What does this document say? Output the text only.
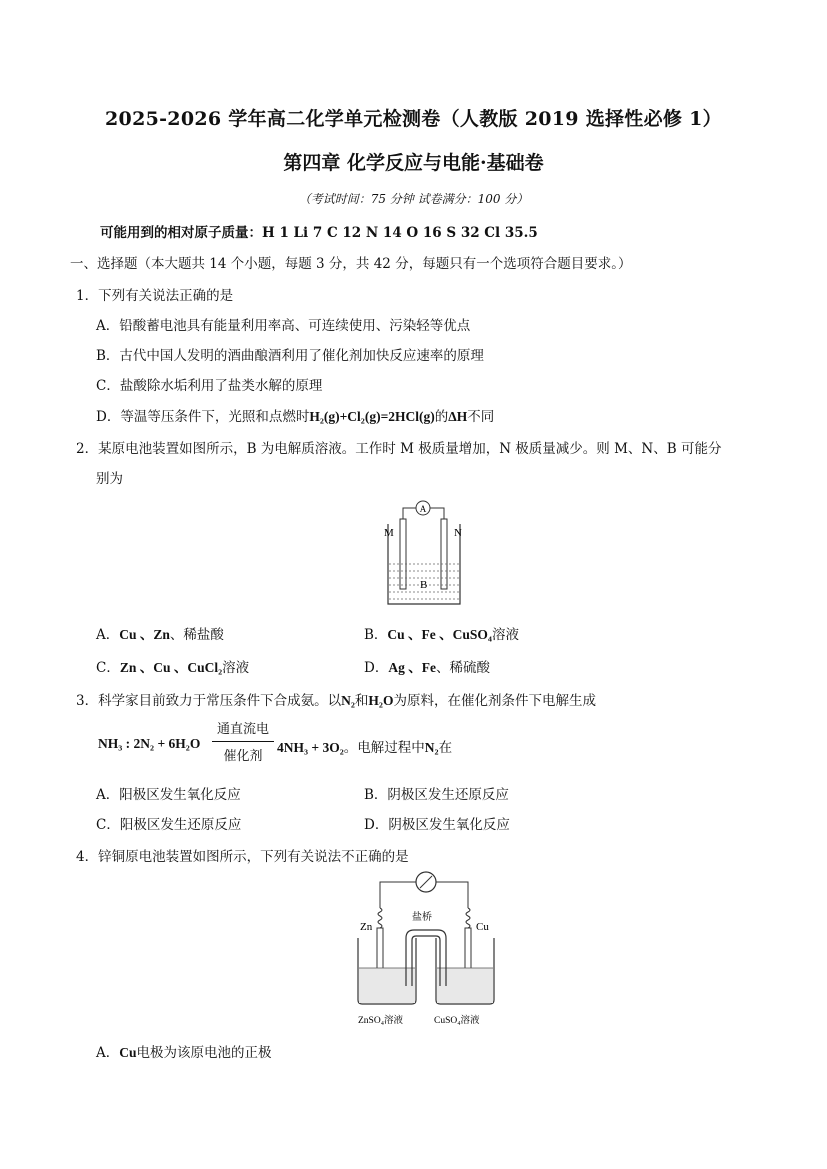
2025-2026 学年高二化学单元检测卷（人教版 2019 选择性必修 1）
第四章 化学反应与电能·基础卷
（考试时间：75 分钟 试卷满分：100 分）
可能用到的相对原子质量：H 1 Li 7 C 12 N 14 O 16 S 32 Cl 35.5
一、选择题（本大题共 14 个小题，每题 3 分，共 42 分，每题只有一个选项符合题目要求。）
1．下列有关说法正确的是
A．铅酸蓄电池具有能量利用率高、可连续使用、污染轻等优点
B．古代中国人发明的酒曲酿酒利用了催化剂加快反应速率的原理
C．盐酸除水垢利用了盐类水解的原理
D．等温等压条件下，光照和点燃时H₂(g)+Cl₂(g)=2HCl(g)的ΔH不同
2．某原电池装置如图所示，B 为电解质溶液。工作时 M 极质量增加，N 极质量减少。则 M、N、B 可能分
别为
A
M	N
B
A．Cu 、Zn、稀盐酸	B．Cu 、Fe 、CuSO₄溶液
C．Zn 、Cu 、CuCl₂溶液	D．Ag 、Fe、稀硫酸
3．科学家目前致力于常压条件下合成氨。以N₂和H₂O为原料，在催化剂条件下电解生成
NH₃ : 2N₂ + 6H₂O
通直流电
催化剂
4NH₃ + 3O₂。电解过程中N₂在
A．阳极区发生氧化反应	B．阴极区发生还原反应
C．阳极区发生还原反应	D．阴极区发生氧化反应
4．锌铜原电池装置如图所示，下列有关说法不正确的是
Zn	Cu
盐桥
ZnSO₄溶液	CuSO₄溶液
A．Cu电极为该原电池的正极
